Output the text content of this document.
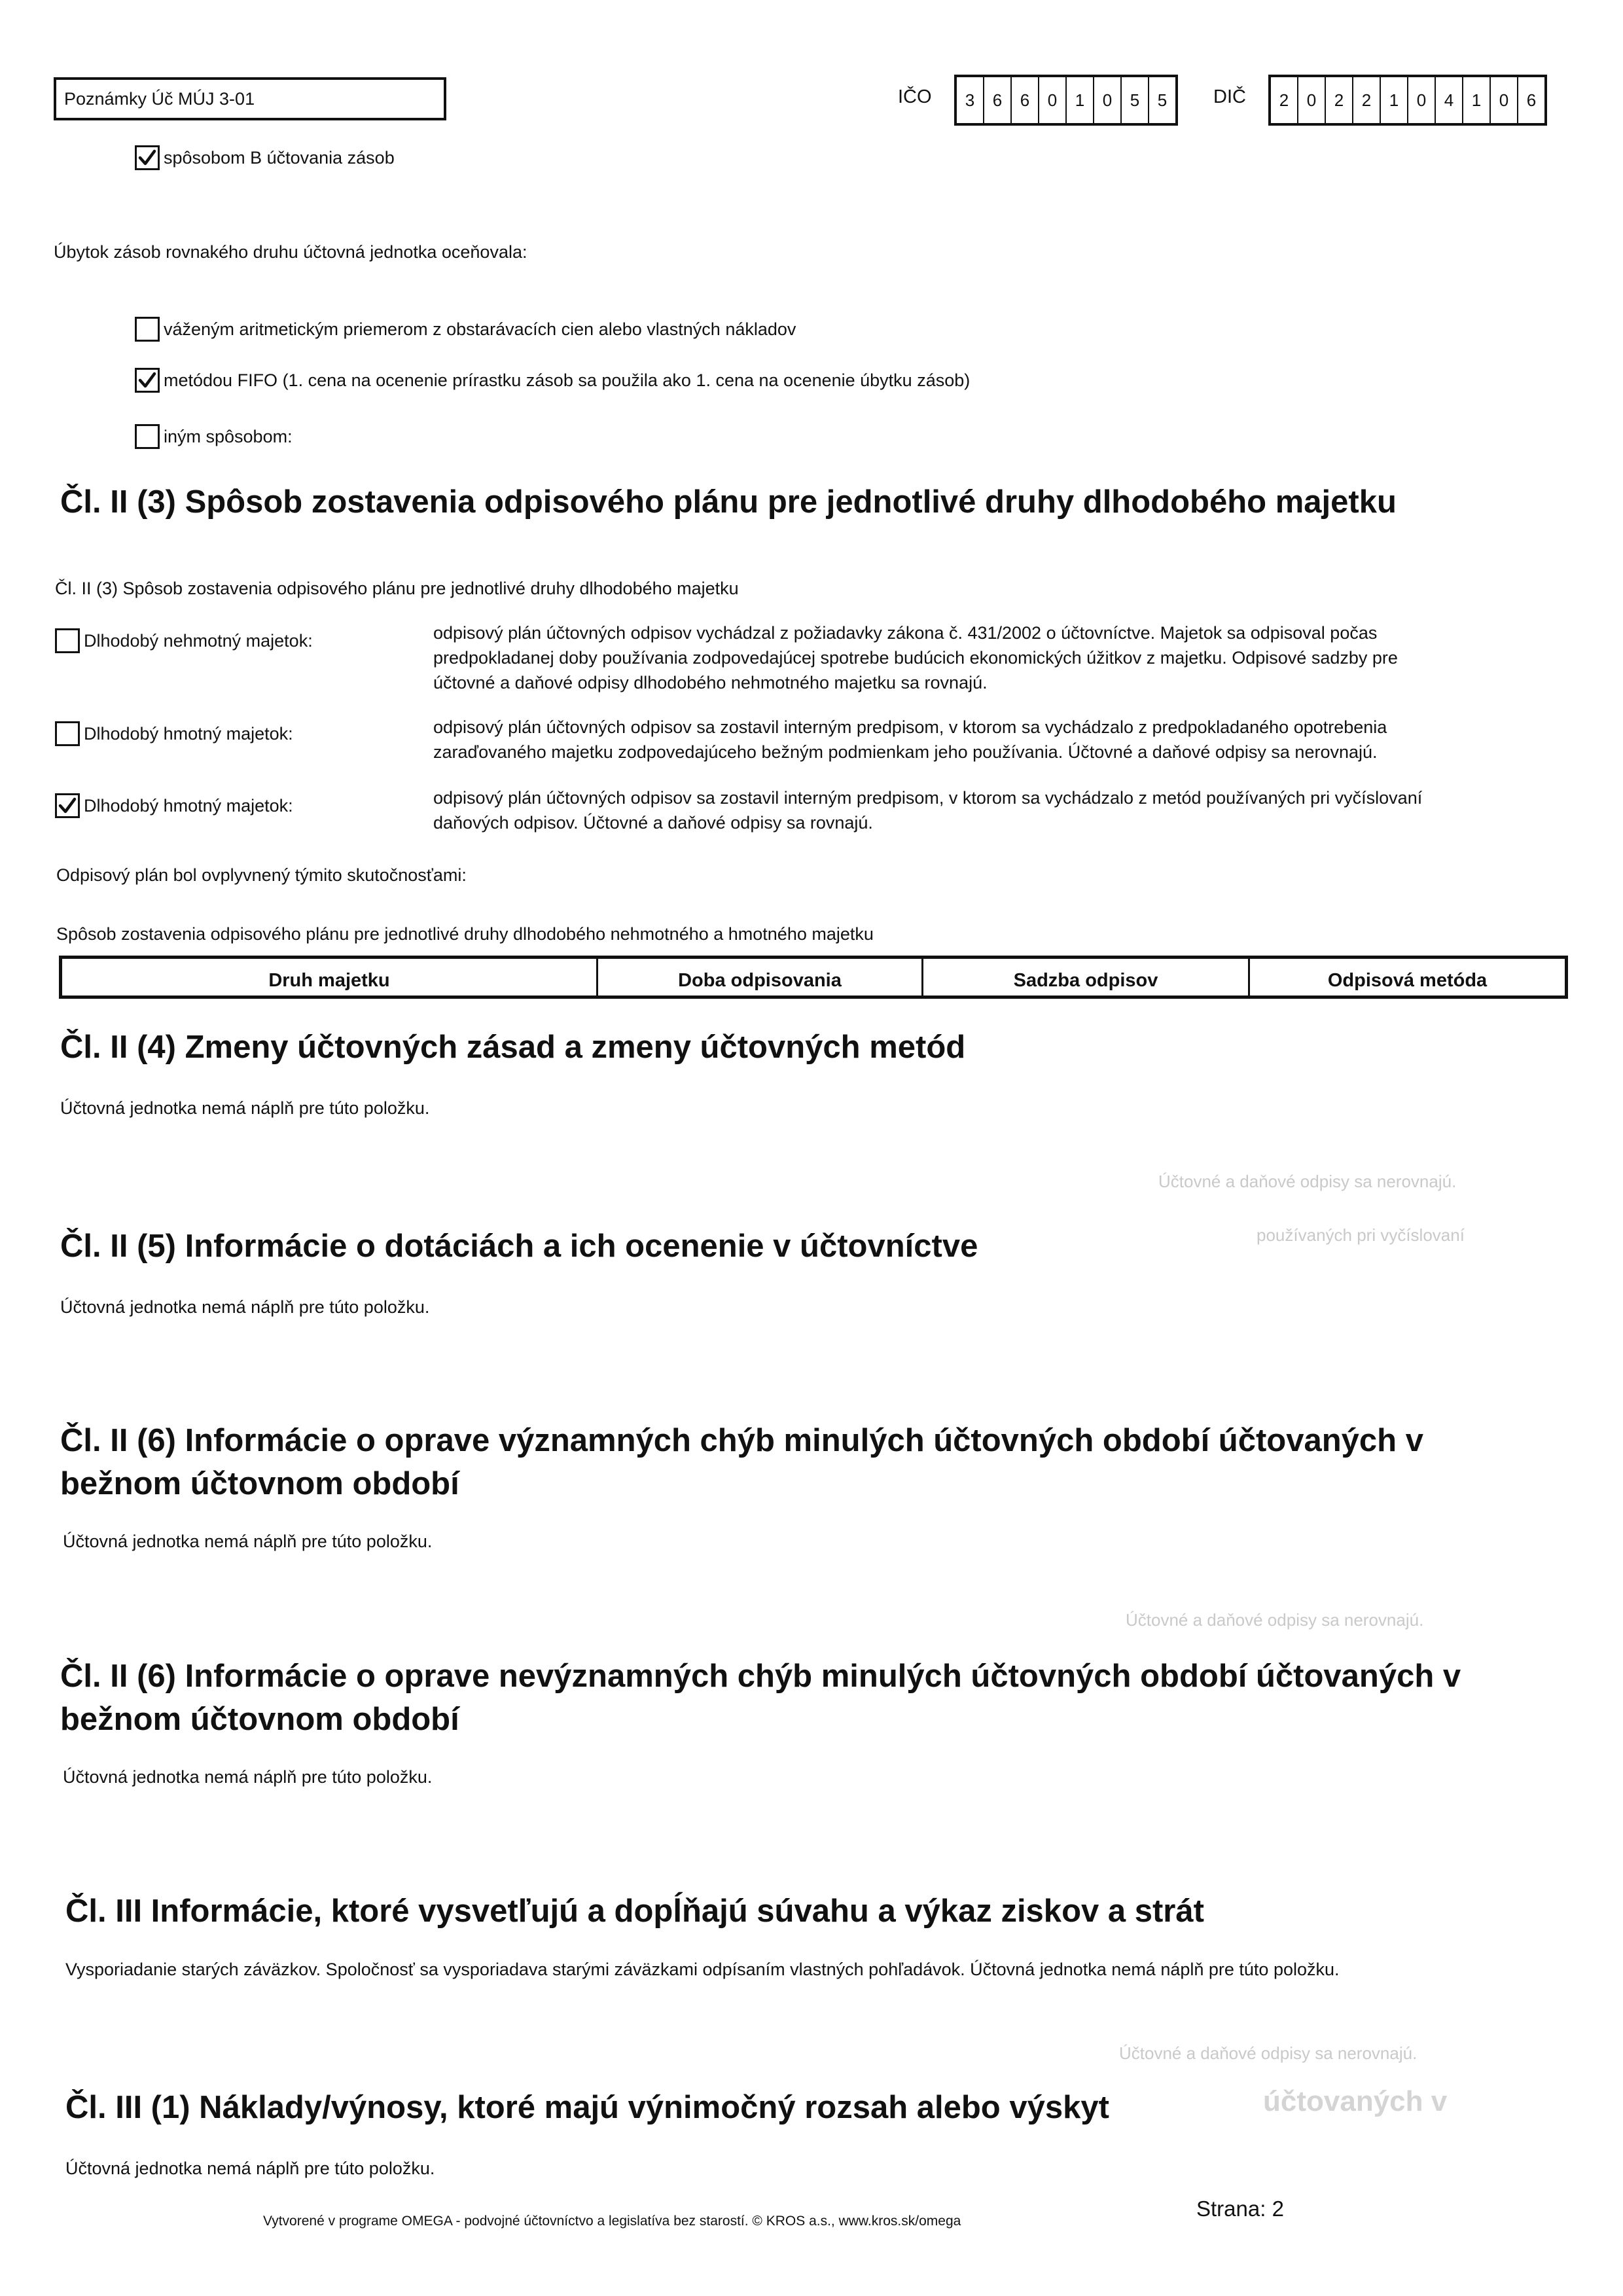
Poznámky Úč MÚJ 3-01	IČO	3	6	6	0	1	0	5	5	DIČ	2	0	2	2	1	0	4	1	0	6
spôsobom B účtovania zásob
Úbytok zásob rovnakého druhu účtovná jednotka oceňovala:
váženým aritmetickým priemerom z obstarávacích cien alebo vlastných nákladov
metódou FIFO (1. cena na ocenenie prírastku zásob sa použila ako 1. cena na ocenenie úbytku zásob)
iným spôsobom:
Čl. II (3) Spôsob zostavenia odpisového plánu pre jednotlivé druhy dlhodobého majetku
Čl. II (3) Spôsob zostavenia odpisového plánu pre jednotlivé druhy dlhodobého majetku
Dlhodobý nehmotný majetok:	odpisový plán účtovných odpisov vychádzal z požiadavky zákona č. 431/2002 o účtovníctve. Majetok sa odpisoval počas
predpokladanej doby používania zodpovedajúcej spotrebe budúcich ekonomických úžitkov z majetku. Odpisové sadzby pre
účtovné a daňové odpisy dlhodobého nehmotného majetku sa rovnajú.
Dlhodobý hmotný majetok:	odpisový plán účtovných odpisov sa zostavil interným predpisom, v ktorom sa vychádzalo z predpokladaného opotrebenia
zaraďovaného majetku zodpovedajúceho bežným podmienkam jeho používania. Účtovné a daňové odpisy sa nerovnajú.
Dlhodobý hmotný majetok:	odpisový plán účtovných odpisov sa zostavil interným predpisom, v ktorom sa vychádzalo z metód používaných pri vyčíslovaní
daňových odpisov. Účtovné a daňové odpisy sa rovnajú.
Odpisový plán bol ovplyvnený týmito skutočnosťami:
Spôsob zostavenia odpisového plánu pre jednotlivé druhy dlhodobého nehmotného a hmotného majetku
Druh majetku	Doba odpisovania	Sadzba odpisov	Odpisová metóda
Čl. II (4) Zmeny účtovných zásad a zmeny účtovných metód
Účtovná jednotka nemá náplň pre túto položku.
Čl. II (5) Informácie o dotáciách a ich ocenenie v účtovníctve
Účtovná jednotka nemá náplň pre túto položku.
Čl. II (6) Informácie o oprave významných chýb minulých účtovných období účtovaných v bežnom účtovnom období
Účtovná jednotka nemá náplň pre túto položku.
Čl. II (6) Informácie o oprave nevýznamných chýb minulých účtovných období účtovaných v bežnom účtovnom období
Účtovná jednotka nemá náplň pre túto položku.
Čl. III Informácie, ktoré vysvetľujú a dopĺňajú súvahu a výkaz ziskov a strát
Vysporiadanie starých záväzkov. Spoločnosť sa vysporiadava starými záväzkami odpísaním vlastných pohľadávok. Účtovná jednotka nemá náplň pre túto položku.
Čl. III (1) Náklady/výnosy, ktoré majú výnimočný rozsah alebo výskyt
Účtovná jednotka nemá náplň pre túto položku.
Účtovné a daňové odpisy sa nerovnajú.
používaných pri vyčíslovaní
Účtovné a daňové odpisy sa nerovnajú.
Účtovné a daňové odpisy sa nerovnajú.
účtovaných v
Vytvorené v programe OMEGA - podvojné účtovníctvo a legislatíva bez starostí. © KROS a.s., www.kros.sk/omega
Strana: 2
